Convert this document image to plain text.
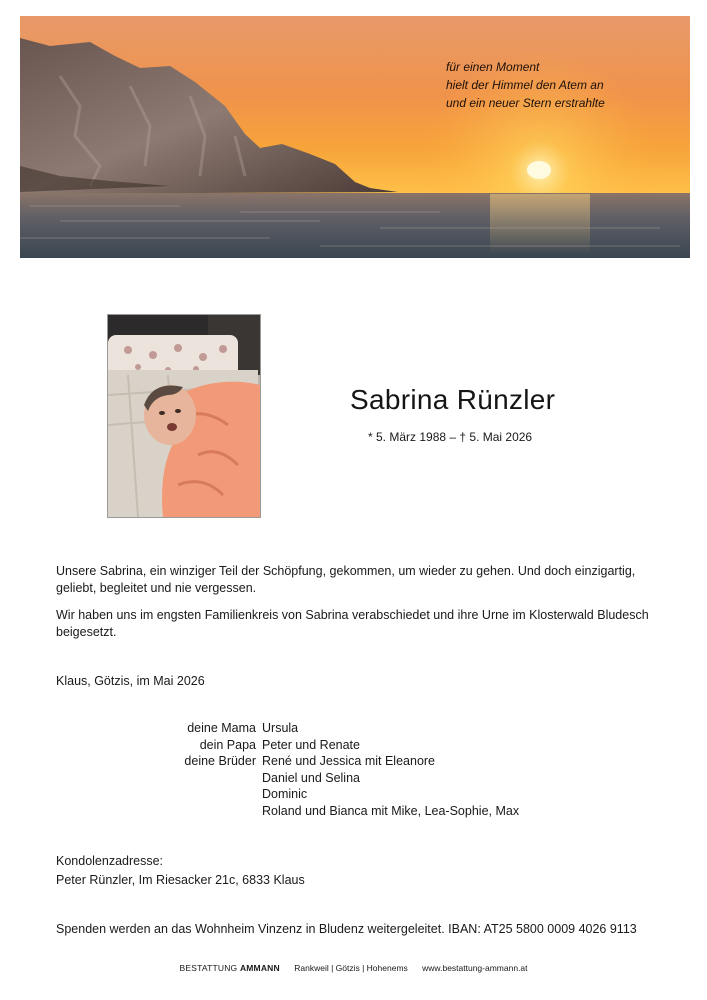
für einen Moment
hielt der Himmel den Atem an
und ein neuer Stern erstrahlte
Sabrina Rünzler
* 5. März 1988 – † 5. Mai 2026
Unsere Sabrina, ein winziger Teil der Schöpfung, gekommen, um wieder zu gehen. Und doch einzigartig, geliebt, begleitet und nie vergessen.
Wir haben uns im engsten Familienkreis von Sabrina verabschiedet und ihre Urne im Klosterwald Bludesch beigesetzt.
Klaus, Götzis, im Mai 2026
deine Mama
dein Papa
deine Brüder
Ursula
Peter und Renate
René und Jessica mit Eleanore
Daniel und Selina
Dominic
Roland und Bianca mit Mike, Lea-Sophie, Max
Kondolenzadresse:
Peter Rünzler, Im Riesacker 21c, 6833 Klaus
Spenden werden an das Wohnheim Vinzenz in Bludenz weitergeleitet. IBAN: AT25 5800 0009 4026 9113
BESTATTUNG AMMANN Rankweil | Götzis | Hohenems www.bestattung-ammann.at
